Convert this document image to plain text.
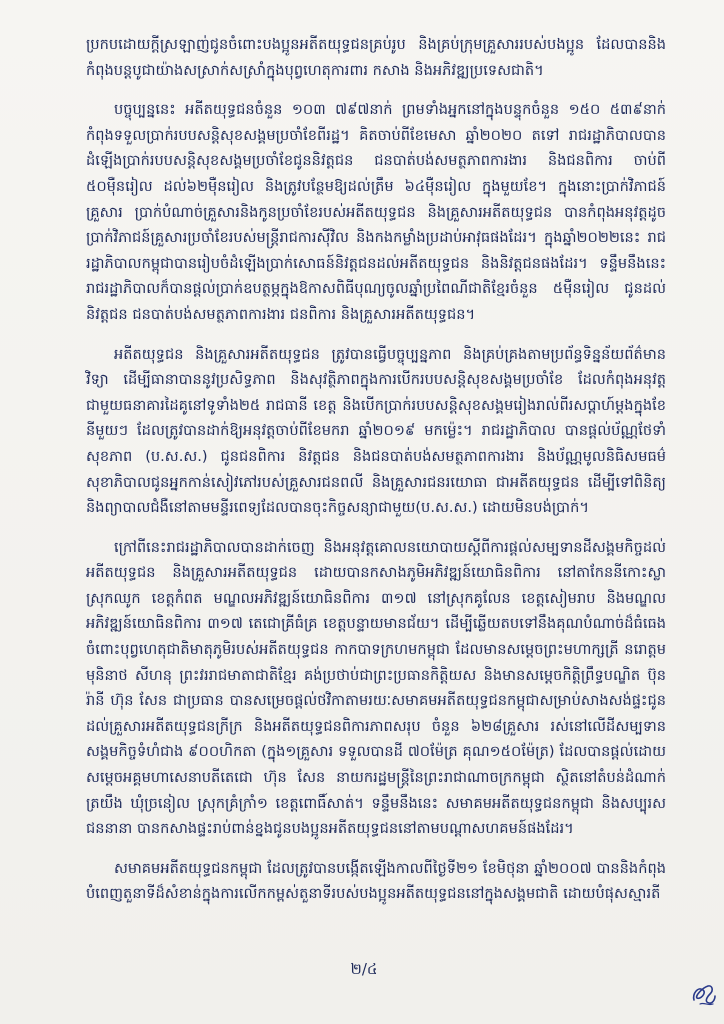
ប្រកបដោយក្ដីស្រឡាញ់ជូនចំពោះបងប្អូនអតីតយុទ្ធជនគ្រប់រូប និងគ្រប់ក្រុមគ្រួសាររបស់បងប្អូន ដែលបាននិងកំពុងបន្តបូជាយ៉ាងសស្រាក់សស្រាំក្នុងបុព្វហេតុការពារ កសាង និងអភិវឌ្ឍប្រទេសជាតិ។

បច្ចុប្បន្ននេះ អតីតយុទ្ធជនចំនួន ១០៣ ៧៩៧នាក់ ព្រមទាំងអ្នកនៅក្នុងបន្ទុកចំនួន ១៥០ ៥៣៩នាក់ កំពុងទទួលប្រាក់របបសន្តិសុខសង្គមប្រចាំខែពីរដ្ឋ។ គិតចាប់ពីខែមេសា ឆ្នាំ២០២០ តទៅ រាជរដ្ឋាភិបាលបានដំឡើងប្រាក់របបសន្តិសុខសង្គមប្រចាំខែជូននិវត្តជន ជនបាត់បង់សមត្ថភាពការងារ និងជនពិការ ចាប់ពី ៥០ម៉ឺនរៀល ដល់៦២ម៉ឺនរៀល និងត្រូវបន្ថែមឱ្យដល់ត្រឹម ៦៤ម៉ឺនរៀល ក្នុងមួយខែ។ ក្នុងនោះប្រាក់វិភាជន៍គ្រួសារ ប្រាក់បំណាច់គ្រួសារនិងកូនប្រចាំខែរបស់អតីតយុទ្ធជន និងគ្រួសារអតីតយុទ្ធជន បានកំពុងអនុវត្តដូចប្រាក់វិភាជន៍គ្រួសារប្រចាំខែរបស់មន្ត្រីរាជការស៊ីវិល និងកងកម្លាំងប្រដាប់អាវុធផងដែរ។ ក្នុងឆ្នាំ២០២២នេះ រាជរដ្ឋាភិបាលកម្ពុជាបានរៀបចំដំឡើងប្រាក់សោធន៍និវត្តជនដល់អតីតយុទ្ធជន និងនិវត្តជនផងដែរ។ ទន្ទឹមនឹងនេះ រាជរដ្ឋាភិបាលក៏បានផ្ដល់ប្រាក់ឧបត្ថម្ភក្នុងឱកាសពិធីបុណ្យចូលឆ្នាំប្រពៃណីជាតិខ្មែរចំនួន ៥ម៉ឺនរៀល ជូនដល់និវត្តជន ជនបាត់បង់សមត្ថភាពការងារ ជនពិការ និងគ្រួសារអតីតយុទ្ធជន។

អតីតយុទ្ធជន និងគ្រួសារអតីតយុទ្ធជន ត្រូវបានធ្វើបច្ចុប្បន្នភាព និងគ្រប់គ្រងតាមប្រព័ន្ធទិន្នន័យព័ត៌មានវិទ្យា ដើម្បីធានាបាននូវប្រសិទ្ធភាព និងសុវត្ថិភាពក្នុងការបើករបបសន្តិសុខសង្គមប្រចាំខែ ដែលកំពុងអនុវត្តជាមួយធនាគារដៃគូនៅទូទាំង២៥ រាជធានី ខេត្ត និងបើកប្រាក់របបសន្តិសុខសង្គមរៀងរាល់ពីរសប្ដាហ៍ម្ដងក្នុងខែនីមួយៗ ដែលត្រូវបានដាក់ឱ្យអនុវត្តចាប់ពីខែមករា ឆ្នាំ២០១៩ មកម្ល៉េះ។ រាជរដ្ឋាភិបាល បានផ្ដល់ប័ណ្ណថែទាំសុខភាព (ប.ស.ស.) ជូនជនពិការ និវត្តជន និងជនបាត់បង់សមត្ថភាពការងារ និងប័ណ្ណមូលនិធិសមធម៌សុខាភិបាលជូនអ្នកកាន់សៀវភៅរបស់គ្រួសារជនពលី និងគ្រួសារជនរយោធា ជាអតីតយុទ្ធជន ដើម្បីទៅពិនិត្យ និងព្យាបាលជំងឺនៅតាមមន្ទីរពេទ្យដែលបានចុះកិច្ចសន្យាជាមួយ(ប.ស.ស.) ដោយមិនបង់ប្រាក់។

ក្រៅពីនេះរាជរដ្ឋាភិបាលបានដាក់ចេញ និងអនុវត្តគោលនយោបាយស្តីពីការផ្ដល់សម្បទានដីសង្គមកិច្ចដល់អតីតយុទ្ធជន និងគ្រួសារអតីតយុទ្ធជន ដោយបានកសាងភូមិអភិវឌ្ឍន៍យោធិនពិការ នៅតាកែននីកោះស្លា ស្រុកឈូក ខេត្តកំពត មណ្ឌលអភិវឌ្ឍន៍យោធិនពិការ ៣១៧ នៅស្រុកគូលែន ខេត្តសៀមរាប និងមណ្ឌលអភិវឌ្ឍន៍យោធិនពិការ ៣១៧ តេជោគ្រីធំគ្រ ខេត្តបន្ទាយមានជ័យ។ ដើម្បីឆ្លើយតបទៅនឹងគុណបំណាច់ដ៏ធំធេងចំពោះបុព្វហេតុជាតិមាតុភូមិរបស់អតីតយុទ្ធជន កាកបាទក្រហមកម្ពុជា ដែលមានសម្ដេចព្រះមហាក្សត្រី នរោត្តម មុនិនាថ សីហនុ ព្រះវររាជមាតាជាតិខ្មែរ គង់ប្រថាប់ជាព្រះប្រធានកិត្តិយស និងមានសម្ដេចកិត្តិព្រឹទ្ធបណ្ឌិត ប៊ុន រ៉ានី ហ៊ុន សែន ជាប្រធាន បានសម្រេចផ្ដល់ថវិកាតាមរយៈសមាគមអតីតយុទ្ធជនកម្ពុជាសម្រាប់សាងសង់ផ្ទះជូនដល់គ្រួសារអតីតយុទ្ធជនក្រីក្រ និងអតីតយុទ្ធជនពិការភាពសរុប ចំនួន ៦២៨គ្រួសារ រស់នៅលើដីសម្បទានសង្គមកិច្ចទំហំជាង ៩០០ហិកតា (ក្នុង១គ្រួសារ ទទួលបានដី ៧០ម៉ែត្រ គុណ១៥០ម៉ែត្រ) ដែលបានផ្ដល់ដោយសម្ដេចអគ្គមហាសេនាបតីតេជោ ហ៊ុន សែន នាយករដ្ឋមន្ត្រីនៃព្រះរាជាណាចក្រកម្ពុជា ស្ថិតនៅតំបន់ដំណាក់ត្រយឹង ឃុំច្រនៀល ស្រុកគ្រំក្រាំ១ ខេត្តពោធិ៍សាត់។ ទន្ទឹមនឹងនេះ សមាគមអតីតយុទ្ធជនកម្ពុជា និងសប្បុរសជននានា បានកសាងផ្ទះរាប់ពាន់ខ្នងជូនបងប្អូនអតីតយុទ្ធជននៅតាមបណ្ដាសហគមន៍ផងដែរ។

សមាគមអតីតយុទ្ធជនកម្ពុជា ដែលត្រូវបានបង្កើតឡើងកាលពីថ្ងៃទី២១ ខែមិថុនា ឆ្នាំ២០០៧ បាននិងកំពុងបំពេញតួនាទីដ៏សំខាន់ក្នុងការលើកកម្ពស់តួនាទីរបស់បងប្អូនអតីតយុទ្ធជននៅក្នុងសង្គមជាតិ ដោយបំផុសស្មារតី

២/៤
